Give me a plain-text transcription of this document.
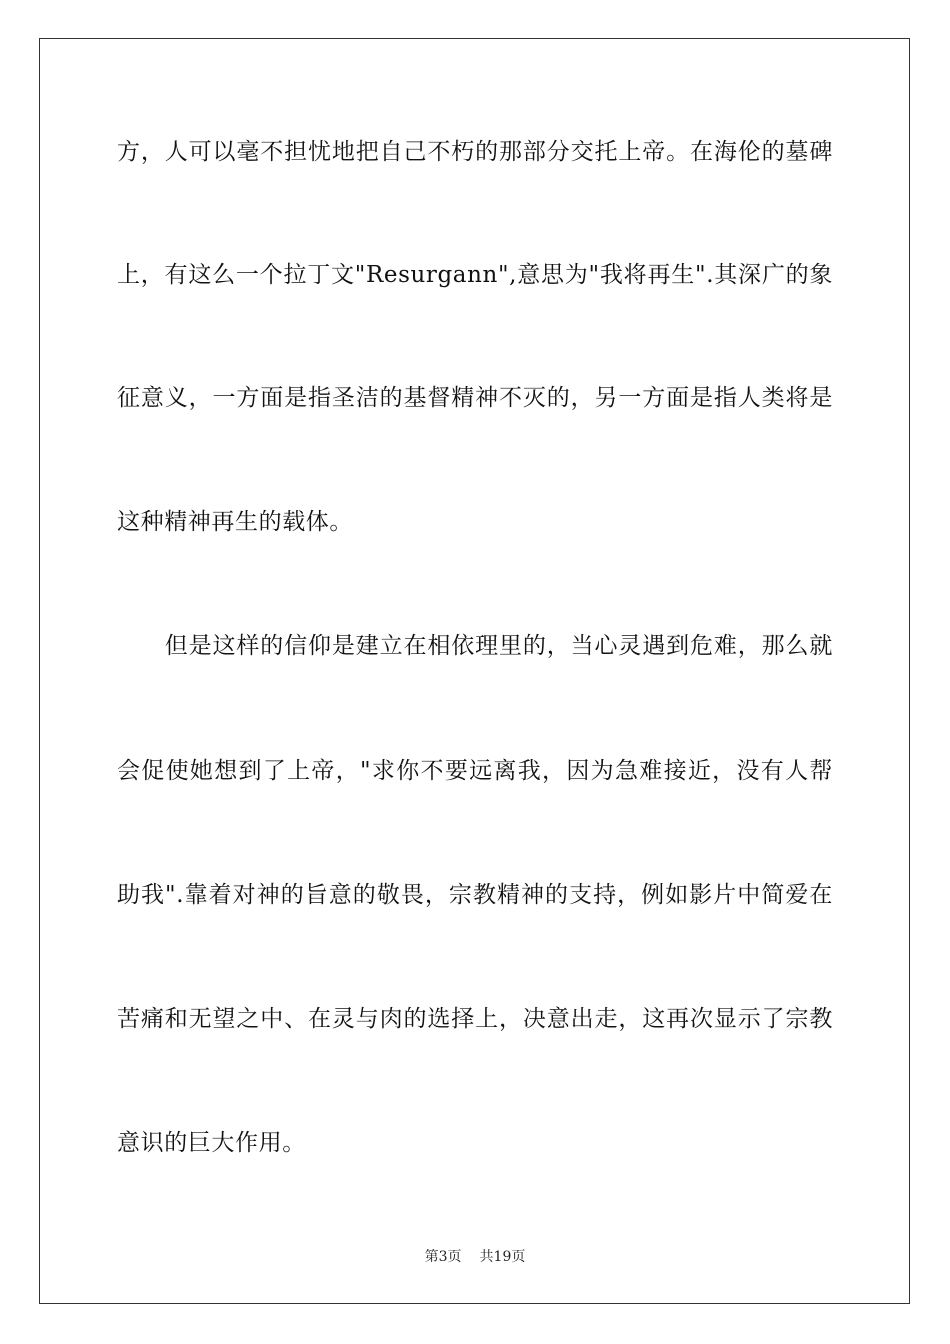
方，人可以毫不担忧地把自己不朽的那部分交托上帝。在海伦的墓碑
上，有这么一个拉丁文"Resurgann",意思为"我将再生".其深广的象
征意义，一方面是指圣洁的基督精神不灭的，另一方面是指人类将是
这种精神再生的载体。
　　但是这样的信仰是建立在相依理里的，当心灵遇到危难，那么就
会促使她想到了上帝，"求你不要远离我，因为急难接近，没有人帮
助我".靠着对神的旨意的敬畏，宗教精神的支持，例如影片中简爱在
苦痛和无望之中、在灵与肉的选择上，决意出走，这再次显示了宗教
意识的巨大作用。
第3页 共19页
